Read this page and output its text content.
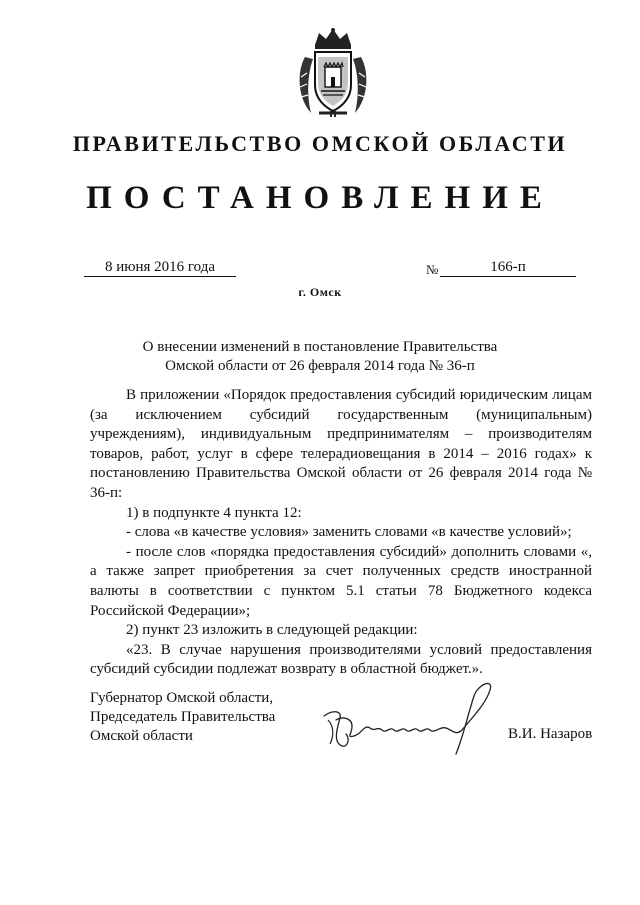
ПРАВИТЕЛЬСТВО ОМСКОЙ ОБЛАСТИ
ПОСТАНОВЛЕНИЕ
8 июня 2016 года	№	166-п
г. Омск
О внесении изменений в постановление Правительства
Омской области от 26 февраля 2014 года № 36-п

В приложении «Порядок предоставления субсидий юридическим лицам (за исключением субсидий государственным (муниципальным) учреждениям), индивидуальным предпринимателям – производителям товаров, работ, услуг в сфере телерадиовещания в 2014 – 2016 годах» к постановлению Правительства Омской области от 26 февраля 2014 года № 36-п:

1) в подпункте 4 пункта 12:

- слова «в качестве условия» заменить словами «в качестве условий»;

- после слов «порядка предоставления субсидий» дополнить словами «, а также запрет приобретения за счет полученных средств иностранной валюты в соответствии с пунктом 5.1 статьи 78 Бюджетного кодекса Российской Федерации»;

2) пункт 23 изложить в следующей редакции:

«23. В случае нарушения производителями условий предоставления субсидий субсидии подлежат возврату в областной бюджет.».

Губернатор Омской области,
Председатель Правительства
Омской области	В.И. Назаров
